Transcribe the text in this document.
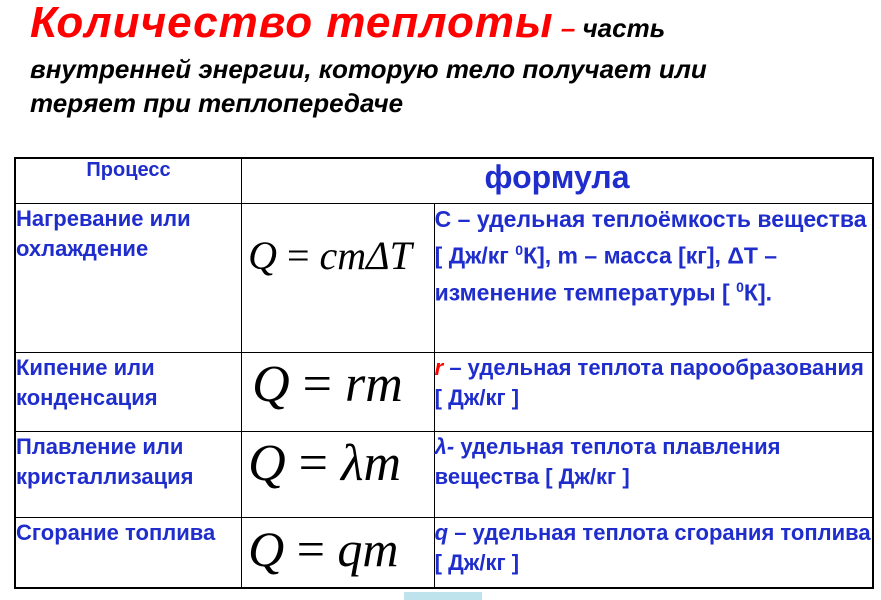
Количество теплоты – часть
внутренней энергии, которую тело получает или
теряет при теплопередаче
Процесс	формула	
Нагревание или охлаждение	Q = cmΔT	С – удельная теплоёмкость вещества [ Дж/кг $^0$К], m – масса [кг], ΔТ – изменение температуры [ $^0$К].
Кипение или конденсация	Q = rm	r – удельная теплота парообразования [ Дж/кг ]
Плавление или кристаллизация	Q = λm	λ- удельная теплота плавления вещества [ Дж/кг ]
Сгорание топлива	Q = qm	q – удельная теплота сгорания топлива [ Дж/кг ]
